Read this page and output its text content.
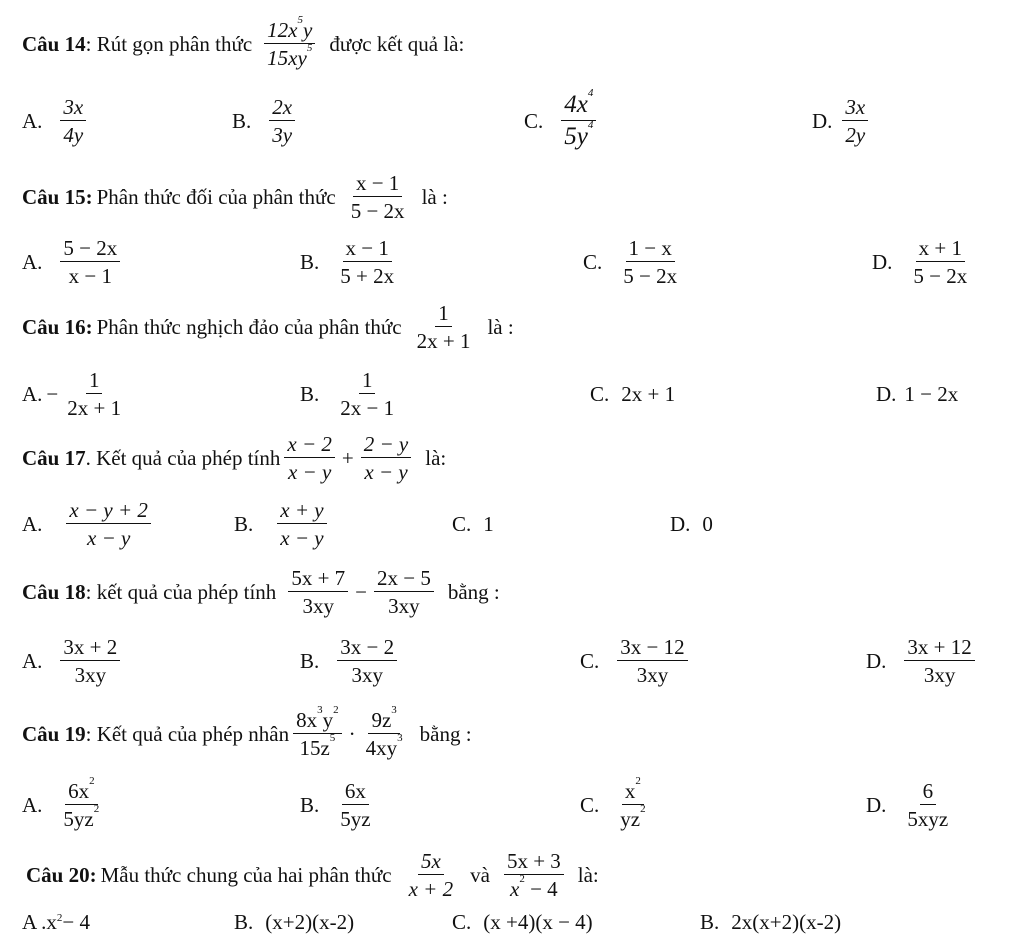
Câu 14 : Rút gọn phân thức $\frac{12x^5y}{15xy^5}$ được kết quả là:
A. $\frac{3x}{4y}$	B. $\frac{2x}{3y}$	C. $\frac{4x^4}{5y^4}$	D. $\frac{3x}{2y}$
Câu 15: Phân thức đối của phân thức $\frac{x - 1}{5 - 2x}$ là :
A. $\frac{5 - 2x}{x - 1}$	B. $\frac{x - 1}{5 + 2x}$	C. $\frac{1 - x}{5 - 2x}$	D. $\frac{x + 1}{5 - 2x}$
Câu 16: Phân thức nghịch đảo của phân thức $\frac{1}{2x + 1}$ là :
A. − $\frac{1}{2x + 1}$	B. $\frac{1}{2x - 1}$	C. 2x + 1	D. 1 − 2x
Câu 17 . Kết quả của phép tính $\frac{x - 2}{x - y} + \frac{2 - y}{x - y}$ là:
A. $\frac{x - y + 2}{x - y}$	B. $\frac{x + y}{x - y}$	C. 1	D. 0
Câu 18 : kết quả của phép tính $\frac{5x + 7}{3xy} - \frac{2x - 5}{3xy}$ bằng :
A. $\frac{3x + 2}{3xy}$	B. $\frac{3x - 2}{3xy}$	C. $\frac{3x - 12}{3xy}$	D. $\frac{3x + 12}{3xy}$
Câu 19 : Kết quả của phép nhân $\frac{8x^3y^2}{15z^5} \cdot \frac{9z^3}{4xy^3}$ bằng :
A. $\frac{6x^2}{5yz^2}$	B. $\frac{6x}{5yz}$	C. $\frac{x^2}{yz^2}$	D. $\frac{6}{\text{5xyz}}$
Câu 20: Mẫu thức chung của hai phân thức $\frac{5x}{x + 2}$ và $\frac{5x + 3}{x^2 - 4}$ là:
A $.x^2 - 4$	B. (x+2)(x-2)	C. (x +4)(x − 4)	B. 2x(x+2)(x-2)
